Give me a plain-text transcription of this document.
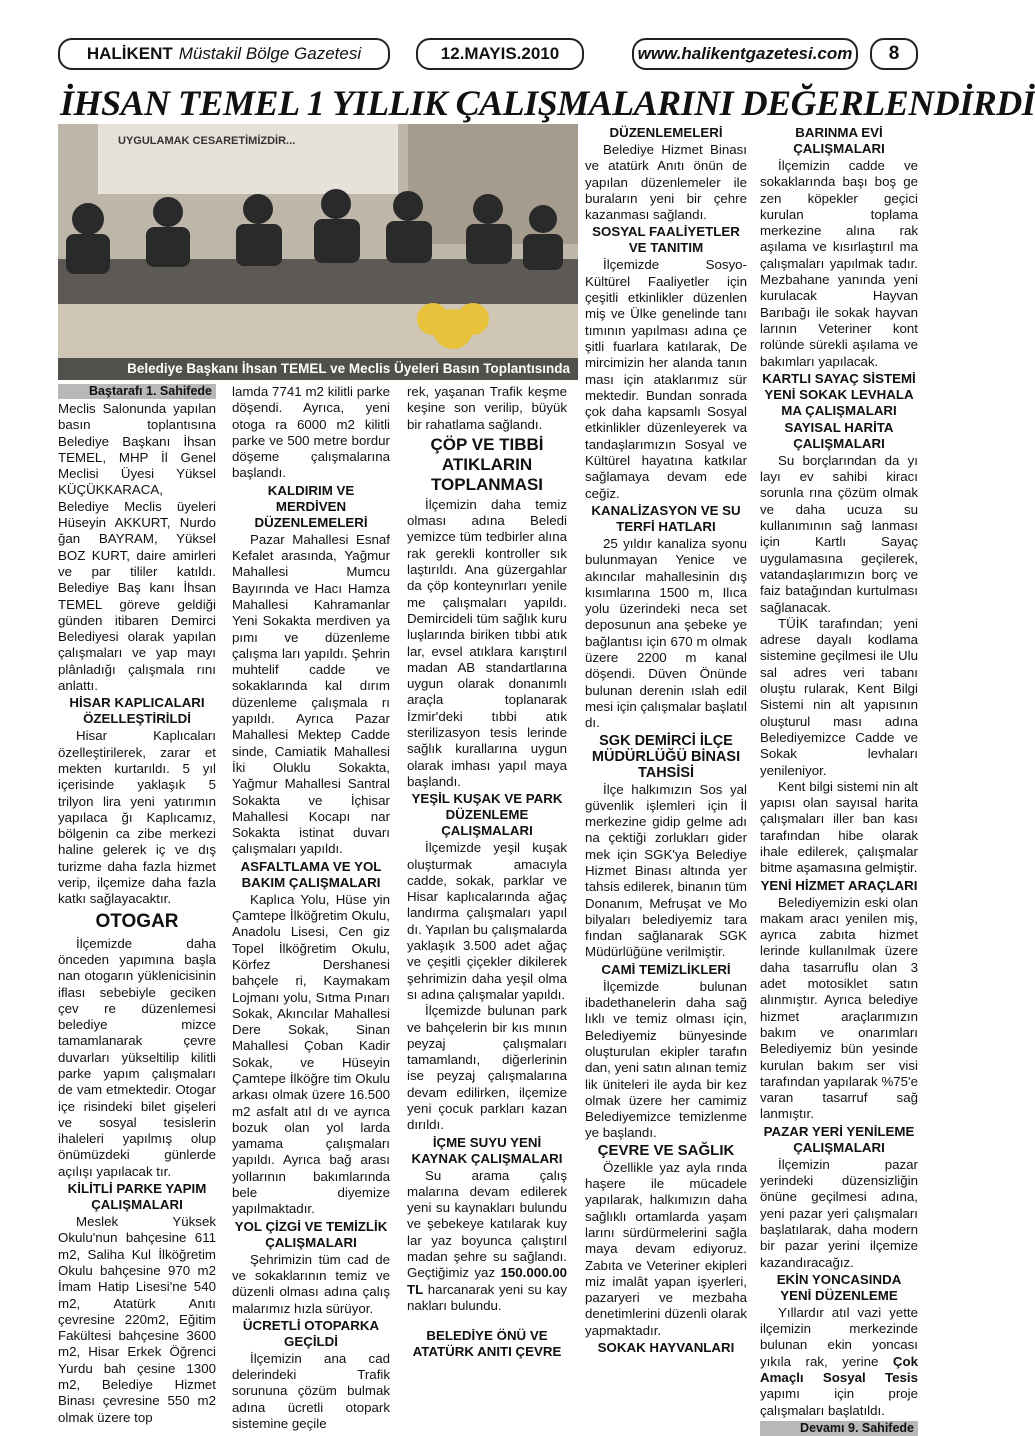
HALİKENT Müstakil Bölge Gazetesi	12.MAYIS.2010	www.halikentgazetesi.com 8
İHSAN TEMEL 1 YILLIK ÇALIŞMALARINI DEĞERLENDİRDİ
UYGULAMAK CESARETİMİZDİR...
Belediye Başkanı İhsan TEMEL ve Meclis Üyeleri Basın Toplantısında
Baştarafı 1. Sahifede

Meclis Salonunda yapılan basın toplantısına Belediye Başkanı İhsan TEMEL, MHP İl Genel Meclisi Üyesi Yüksel KÜÇÜKKARACA, Belediye Meclis üyeleri Hüseyin AKKURT, Nurdo ğan BAYRAM, Yüksel BOZ KURT, daire amirleri ve par tililer katıldı. Belediye Baş kanı İhsan TEMEL göreve geldiği günden itibaren Demirci Belediyesi olarak yapılan çalışmaları ve yap mayı plânladığı çalışmala rını anlattı.

HİSAR KAPLICALARI ÖZELLEŞTİRİLDİ

Hisar Kaplıcaları özelleştirilerek, zarar et mekten kurtarıldı. 5 yıl içerisinde yaklaşık 5 trilyon lira yeni yatırımın yapılaca ğı Kaplıcamız, bölgenin ca zibe merkezi haline gelerek iç ve dış turizme daha fazla hizmet verip, ilçemize daha fazla katkı sağlayacaktır.

OTOGAR

İlçemizde daha önceden yapımına başla nan otogarın yüklenicisinin iflası sebebiyle geciken çev re düzenlemesi belediye mizce tamamlanarak çevre duvarları yükseltilip kilitli parke yapım çalışmaları de vam etmektedir. Otogar içe risindeki bilet gişeleri ve sosyal tesislerin ihaleleri yapılmış olup önümüzdeki günlerde açılışı yapılacak tır.

KİLİTLİ PARKE YAPIM ÇALIŞMALARI

Meslek Yüksek Okulu'nun bahçesine 611 m2, Saliha Kul İlköğretim Okulu bahçesine 970 m2 İmam Hatip Lisesi'ne 540 m2, Atatürk Anıtı çevresine 220m2, Eğitim Fakültesi bahçesine 3600 m2, Hisar Erkek Öğrenci Yurdu bah çesine 1300 m2, Belediye Hizmet Binası çevresine 550 m2 olmak üzere top

lamda 7741 m2 kilitli parke döşendi. Ayrıca, yeni otoga ra 6000 m2 kilitli parke ve 500 metre bordur döşeme çalışmalarına başlandı.

KALDIRIM VE MERDİVEN DÜZENLEMELERİ

Pazar Mahallesi Esnaf Kefalet arasında, Yağmur Mahallesi Mumcu Bayırında ve Hacı Hamza Mahallesi Kahramanlar Yeni Sokakta merdiven ya pımı ve düzenleme çalışma ları yapıldı. Şehrin muhtelif cadde ve sokaklarında kal dırım düzenleme çalışmala rı yapıldı. Ayrıca Pazar Mahallesi Mektep Cadde sinde, Camiatik Mahallesi İki Oluklu Sokakta, Yağmur Mahallesi Santral Sokakta ve İçhisar Mahallesi Kocapı nar Sokakta istinat duvarı çalışmaları yapıldı.

ASFALTLAMA VE YOL BAKIM ÇALIŞMALARI

Kaplıca Yolu, Hüse yin Çamtepe İlköğretim Okulu, Anadolu Lisesi, Cen giz Topel İlköğretim Okulu, Körfez Dershanesi bahçele ri, Kaymakam Lojmanı yolu, Sıtma Pınarı Sokak, Akıncılar Mahallesi Dere Sokak, Sinan Mahallesi Çoban Kadir Sokak, ve Hüseyin Çamtepe İlköğre tim Okulu arkası olmak üzere 16.500 m2 asfalt atıl dı ve ayrıca bozuk olan yol larda yamama çalışmaları yapıldı. Ayrıca bağ arası yollarının bakımlarında bele diyemize yapılmaktadır.

YOL ÇİZGİ VE TEMİZLİK ÇALIŞMALARI

Şehrimizin tüm cad de ve sokaklarının temiz ve düzenli olması adına çalış malarımız hızla sürüyor.

ÜCRETLİ OTOPARKA GEÇİLDİ

İlçemizin ana cad delerindeki Trafik sorununa çözüm bulmak adına ücretli otopark sistemine geçile

rek, yaşanan Trafik keşme keşine son verilip, büyük bir rahatlama sağlandı.

ÇÖP VE TIBBİ ATIKLARIN TOPLANMASI

İlçemizin daha temiz olması adına Beledi yemizce tüm tedbirler alına rak gerekli kontroller sık laştırıldı. Ana güzergahlar da çöp konteynırları yenile me çalışmaları yapıldı. Demircideli tüm sağlık kuru luşlarında biriken tıbbi atık lar, evsel atıklara karıştırıl madan AB standartlarına uygun olarak donanımlı araçla toplanarak İzmir'deki tıbbi atık sterilizasyon tesis lerinde sağlık kurallarına uygun olarak imhası yapıl maya başlandı.

YEŞİL KUŞAK VE PARK DÜZENLEME ÇALIŞMALARI

İlçemizde yeşil kuşak oluşturmak amacıyla cadde, sokak, parklar ve Hisar kaplıcalarında ağaç landırma çalışmaları yapıl dı. Yapılan bu çalışmalarda yaklaşık 3.500 adet ağaç ve çeşitli çiçekler dikilerek şehrimizin daha yeşil olma sı adına çalışmalar yapıldı.

İlçemizde bulunan park ve bahçelerin bir kıs mının peyzaj çalışmaları tamamlandı, diğerlerinin ise peyzaj çalışmalarına devam edilirken, ilçemize yeni çocuk parkları kazan dırıldı.

İÇME SUYU YENİ KAYNAK ÇALIŞMALARI

Su arama çalış malarına devam edilerek yeni su kaynakları bulundu ve şebekeye katılarak kuy lar yaz boyunca çalıştırıl madan şehre su sağlandı. Geçtiğimiz yaz 150.000.00 TL harcanarak yeni su kay nakları bulundu.

BELEDİYE ÖNÜ VE ATATÜRK ANITI ÇEVRE
DÜZENLEMELERİ

Belediye Hizmet Binası ve atatürk Anıtı önün de yapılan düzenlemeler ile buraların yeni bir çehre kazanması sağlandı.

SOSYAL FAALİYETLER VE TANITIM

İlçemizde Sosyo-Kültürel Faaliyetler için çeşitli etkinlikler düzenlen miş ve Ülke genelinde tanı tımının yapılması adına çe şitli fuarlara katılarak, De mircimizin her alanda tanın ması için ataklarımız sür mektedir. Bundan sonrada çok daha kapsamlı Sosyal etkinlikler düzenleyerek va tandaşlarımızın Sosyal ve Kültürel hayatına katkılar sağlamaya devam ede ceğiz.

KANALİZASYON VE SU TERFİ HATLARI

25 yıldır kanaliza syonu bulunmayan Yenice ve akıncılar mahallesinin dış kısımlarına 1500 m, Ilıca yolu üzerindeki neca set deposunun ana şebeke ye bağlantısı için 670 m olmak üzere 2200 m kanal döşendi. Düven Önünde bulunan derenin ıslah edil mesi için çalışmalar başlatıl dı.

SGK DEMİRCİ İLÇE MÜDÜRLÜĞÜ BİNASI TAHSİSİ

İlçe halkımızın Sos yal güvenlik işlemleri için İl merkezine gidip gelme adı na çektiği zorlukları gider mek için SGK'ya Belediye Hizmet Binası altında yer tahsis edilerek, binanın tüm Donanım, Mefruşat ve Mo bilyaları belediyemiz tara fından sağlanarak SGK Müdürlüğüne verilmiştir.

CAMİ TEMİZLİKLERİ

İlçemizde bulunan ibadethanelerin daha sağ lıklı ve temiz olması için, Belediyemiz bünyesinde oluşturulan ekipler tarafın dan, yeni satın alınan temiz lik üniteleri ile ayda bir kez olmak üzere her camimiz Belediyemizce temizlenme ye başlandı.

ÇEVRE VE SAĞLIK

Özellikle yaz ayla rında haşere ile mücadele yapılarak, halkımızın daha sağlıklı ortamlarda yaşam larını sürdürmelerini sağla maya devam ediyoruz. Zabıta ve Veteriner ekipleri miz imalât yapan işyerleri, pazaryeri ve mezbaha denetimlerini düzenli olarak yapmaktadır.

SOKAK HAYVANLARI
BARINMA EVİ ÇALIŞMALARI

İlçemizin cadde ve sokaklarında başı boş ge zen köpekler geçici kurulan toplama merkezine alına rak aşılama ve kısırlaştırıl ma çalışmaları yapılmak tadır. Mezbahane yanında yeni kurulacak Hayvan Barıbağı ile sokak hayvan larının Veteriner kont rolünde sürekli aşılama ve bakımları yapılacak.

KARTLI SAYAÇ SİSTEMİ YENİ SOKAK LEVHALA MA ÇALIŞMALARI
SAYISAL HARİTA ÇALIŞMALARI

Su borçlarından da yı layı ev sahibi kiracı sorunla rına çözüm olmak ve daha ucuza su kullanımının sağ lanması için Kartlı Sayaç uygulamasına geçilerek, vatandaşlarımızın borç ve faiz batağından kurtulması sağlanacak.

TÜİK tarafından; yeni adrese dayalı kodlama sistemine geçilmesi ile Ulu sal adres veri tabanı oluştu rularak, Kent Bilgi Sistemi nin alt yapısının oluşturul ması adına Belediyemizce Cadde ve Sokak levhaları yenileniyor.

Kent bilgi sistemi nin alt yapısı olan sayısal harita çalışmaları iller ban kası tarafından hibe olarak ihale edilerek, çalışmalar bitme aşamasına gelmiştir.

YENİ HİZMET ARAÇLARI

Belediyemizin eski olan makam aracı yenilen miş, ayrıca zabıta hizmet lerinde kullanılmak üzere daha tasarruflu olan 3 adet motosiklet satın alınmıştır. Ayrıca belediye hizmet araçlarımızın bakım ve onarımları Belediyemiz bün yesinde kurulan bakım ser visi tarafından yapılarak %75'e varan tasarruf sağ lanmıştır.

PAZAR YERİ YENİLEME ÇALIŞMALARI

İlçemizin pazar yerindeki düzensizliğin önüne geçilmesi adına, yeni pazar yeri çalışmaları başlatılarak, daha modern bir pazar yerini ilçemize kazandıracağız.

EKİN YONCASINDA YENİ DÜZENLEME

Yıllardır atıl vazi yette ilçemizin merkezinde bulunan ekin yoncası yıkıla rak, yerine Çok Amaçlı Sosyal Tesis yapımı için proje çalışmaları başlatıldı.

Devamı 9. Sahifede
